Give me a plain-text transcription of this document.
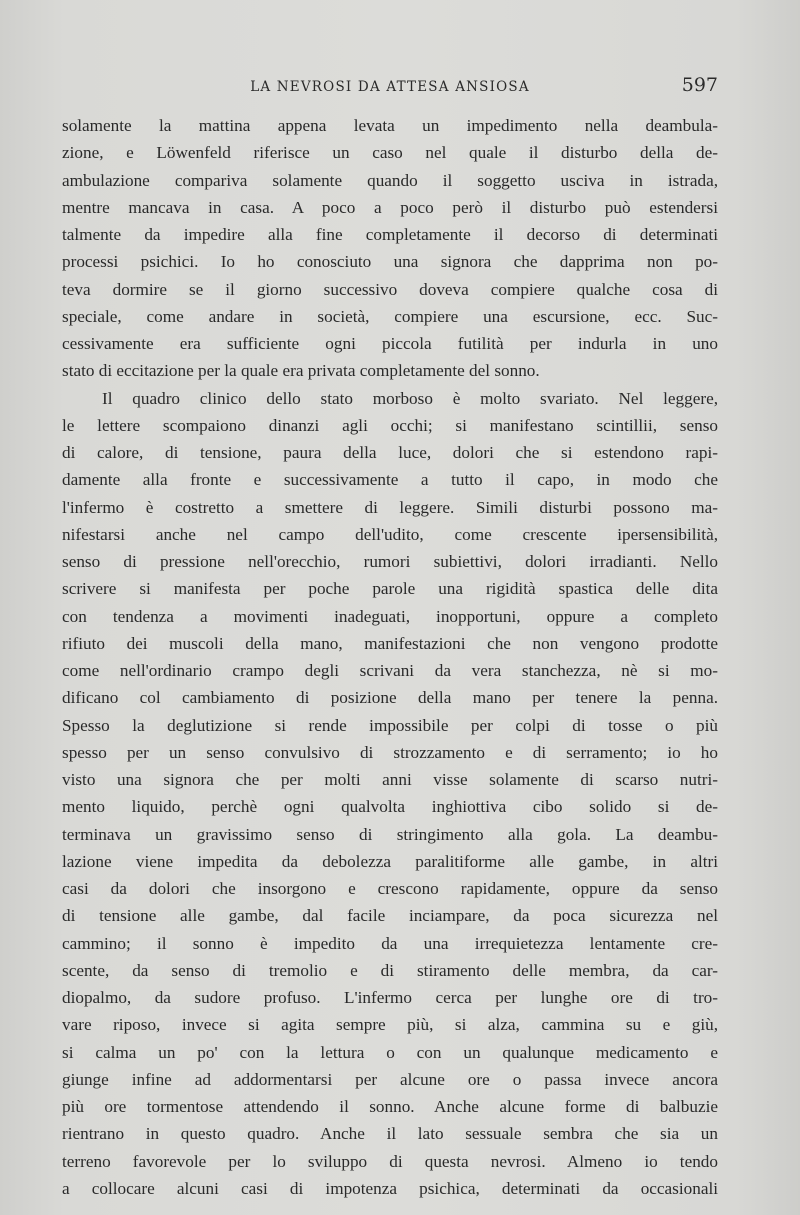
LA NEVROSI DA ATTESA ANSIOSA	597
solamente la mattina appena levata un impedimento nella deambula-
zione, e Löwenfeld riferisce un caso nel quale il disturbo della de-
ambulazione compariva solamente quando il soggetto usciva in istrada,
mentre mancava in casa. A poco a poco però il disturbo può estendersi
talmente da impedire alla fine completamente il decorso di determinati
processi psichici. Io ho conosciuto una signora che dapprima non po-
teva dormire se il giorno successivo doveva compiere qualche cosa di
speciale, come andare in società, compiere una escursione, ecc. Suc-
cessivamente era sufficiente ogni piccola futilità per indurla in uno
stato di eccitazione per la quale era privata completamente del sonno.
Il quadro clinico dello stato morboso è molto svariato. Nel leggere,
le lettere scompaiono dinanzi agli occhi; si manifestano scintillii, senso
di calore, di tensione, paura della luce, dolori che si estendono rapi-
damente alla fronte e successivamente a tutto il capo, in modo che
l'infermo è costretto a smettere di leggere. Simili disturbi possono ma-
nifestarsi anche nel campo dell'udito, come crescente ipersensibilità,
senso di pressione nell'orecchio, rumori subiettivi, dolori irradianti. Nello
scrivere si manifesta per poche parole una rigidità spastica delle dita
con tendenza a movimenti inadeguati, inopportuni, oppure a completo
rifiuto dei muscoli della mano, manifestazioni che non vengono prodotte
come nell'ordinario crampo degli scrivani da vera stanchezza, nè si mo-
dificano col cambiamento di posizione della mano per tenere la penna.
Spesso la deglutizione si rende impossibile per colpi di tosse o più
spesso per un senso convulsivo di strozzamento e di serramento; io ho
visto una signora che per molti anni visse solamente di scarso nutri-
mento liquido, perchè ogni qualvolta inghiottiva cibo solido si de-
terminava un gravissimo senso di stringimento alla gola. La deambu-
lazione viene impedita da debolezza paralitiforme alle gambe, in altri
casi da dolori che insorgono e crescono rapidamente, oppure da senso
di tensione alle gambe, dal facile inciampare, da poca sicurezza nel
cammino; il sonno è impedito da una irrequietezza lentamente cre-
scente, da senso di tremolio e di stiramento delle membra, da car-
diopalmo, da sudore profuso. L'infermo cerca per lunghe ore di tro-
vare riposo, invece si agita sempre più, si alza, cammina su e giù,
si calma un po' con la lettura o con un qualunque medicamento e
giunge infine ad addormentarsi per alcune ore o passa invece ancora
più ore tormentose attendendo il sonno. Anche alcune forme di balbuzie
rientrano in questo quadro. Anche il lato sessuale sembra che sia un
terreno favorevole per lo sviluppo di questa nevrosi. Almeno io tendo
a collocare alcuni casi di impotenza psichica, determinati da occasionali
